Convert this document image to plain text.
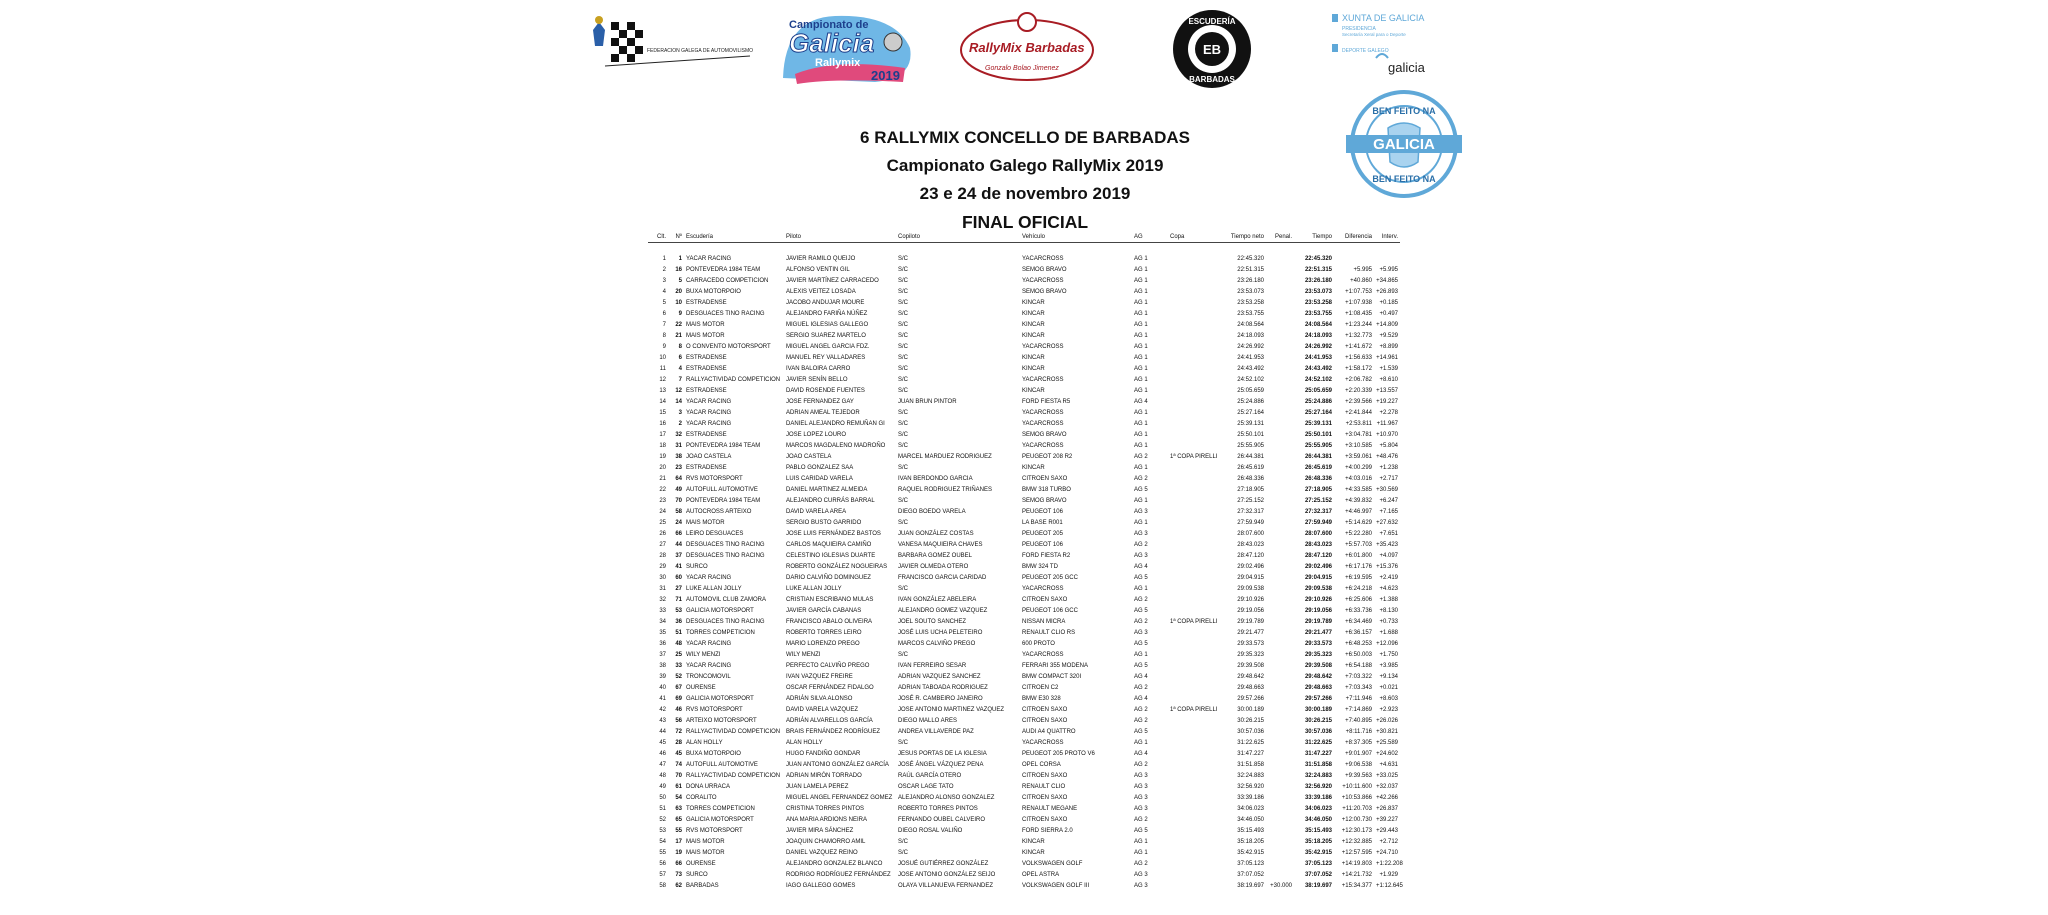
FEDERACION GALEGA DE AUTOMOVILISMO
Campionato de
Galicia
Rallymix
2019
RallyMix Barbadas
Gonzalo Bolao Jimenez
ESCUDERÍA
EB
BARBADAS
XUNTA DE GALICIA
PRESIDENCIA
Secretaría Xeral para o Deporte
DEPORTE GALEGO
galicia
GALICIA
BEN FEITO NA
BEN FEITO NA
6 RALLYMIX CONCELLO DE BARBADAS
Campionato Galego RallyMix 2019
23 e 24 de novembro 2019
FINAL OFICIAL
Clt.	Nº	Escudería	Piloto	Copiloto	Vehículo	AG	Copa	Tiempo neto	Penal.	Tiempo	Diferencia	Interv.

1	1	YACAR RACING	JAVIER RAMILO QUEIJO	S/C	YACARCROSS	AG 1		22:45.320		22:45.320		
2	16	PONTEVEDRA 1984 TEAM	ALFONSO VENTIN GIL	S/C	SEMOG BRAVO	AG 1		22:51.315		22:51.315	+5.995	+5.995
3	5	CARRACEDO COMPETICION	JAVIER MARTÍNEZ CARRACEDO	S/C	YACARCROSS	AG 1		23:26.180		23:26.180	+40.860	+34.865
4	20	BUXA MOTORPOIO	ALEXIS VEITEZ LOSADA	S/C	SEMOG BRAVO	AG 1		23:53.073		23:53.073	+1:07.753	+26.893
5	10	ESTRADENSE	JACOBO ANDUJAR MOURE	S/C	KINCAR	AG 1		23:53.258		23:53.258	+1:07.938	+0.185
6	9	DESGUACES TINO RACING	ALEJANDRO FARIÑA NÚÑEZ	S/C	KINCAR	AG 1		23:53.755		23:53.755	+1:08.435	+0.497
7	22	MAIS MOTOR	MIGUEL IGLESIAS GALLEGO	S/C	KINCAR	AG 1		24:08.564		24:08.564	+1:23.244	+14.809
8	21	MAIS MOTOR	SERGIO SUAREZ MARTELO	S/C	KINCAR	AG 1		24:18.093		24:18.093	+1:32.773	+9.529
9	8	O CONVENTO MOTORSPORT	MIGUEL ANGEL GARCIA FDZ.	S/C	YACARCROSS	AG 1		24:26.992		24:26.992	+1:41.672	+8.899
10	6	ESTRADENSE	MANUEL REY VALLADARES	S/C	KINCAR	AG 1		24:41.953		24:41.953	+1:56.633	+14.961
11	4	ESTRADENSE	IVAN BALOIRA CARRO	S/C	KINCAR	AG 1		24:43.492		24:43.492	+1:58.172	+1.539
12	7	RALLYACTIVIDAD COMPETICION	JAVIER SENÍN BELLO	S/C	YACARCROSS	AG 1		24:52.102		24:52.102	+2:06.782	+8.610
13	12	ESTRADENSE	DAVID ROSENDE FUENTES	S/C	KINCAR	AG 1		25:05.659		25:05.659	+2:20.339	+13.557
14	14	YACAR RACING	JOSE FERNANDEZ GAY	JUAN BRUN PINTOR	FORD FIESTA R5	AG 4		25:24.886		25:24.886	+2:39.566	+19.227
15	3	YACAR RACING	ADRIAN AMEAL TEJEDOR	S/C	YACARCROSS	AG 1		25:27.164		25:27.164	+2:41.844	+2.278
16	2	YACAR RACING	DANIEL ALEJANDRO REMUÑAN GI	S/C	YACARCROSS	AG 1		25:39.131		25:39.131	+2:53.811	+11.967
17	32	ESTRADENSE	JOSE LOPEZ LOURO	S/C	SEMOG BRAVO	AG 1		25:50.101		25:50.101	+3:04.781	+10.970
18	31	PONTEVEDRA 1984 TEAM	MARCOS MAGDALENO MADROÑO	S/C	YACARCROSS	AG 1		25:55.905		25:55.905	+3:10.585	+5.804
19	38	JOAO CASTELA	JOAO CASTELA	MARCEL MARDUEZ RODRIGUEZ	PEUGEOT 208 R2	AG 2	1ª COPA PIRELLI	26:44.381		26:44.381	+3:59.061	+48.476
20	23	ESTRADENSE	PABLO GONZALEZ SAA	S/C	KINCAR	AG 1		26:45.619		26:45.619	+4:00.299	+1.238
21	64	RVS MOTORSPORT	LUIS CARIDAD VARELA	IVAN BERDONDO GARCIA	CITROEN SAXO	AG 2		26:48.336		26:48.336	+4:03.016	+2.717
22	49	AUTOFULL AUTOMOTIVE	DANIEL MARTINEZ ALMEIDA	RAQUEL RODRIGUEZ TRIÑANES	BMW 318 TURBO	AG 5		27:18.905		27:18.905	+4:33.585	+30.569
23	70	PONTEVEDRA 1984 TEAM	ALEJANDRO CURRÁS BARRAL	S/C	SEMOG BRAVO	AG 1		27:25.152		27:25.152	+4:39.832	+6.247
24	58	AUTOCROSS ARTEIXO	DAVID VARELA AREA	DIEGO BOEDO VARELA	PEUGEOT 106	AG 3		27:32.317		27:32.317	+4:46.997	+7.165
25	24	MAIS MOTOR	SERGIO BUSTO GARRIDO	S/C	LA BASE R001	AG 1		27:59.949		27:59.949	+5:14.629	+27.632
26	66	LEIRO DESGUACES	JOSE LUIS FERNÁNDEZ BASTOS	JUAN GONZÁLEZ COSTAS	PEUGEOT 205	AG 3		28:07.600		28:07.600	+5:22.280	+7.651
27	44	DESGUACES TINO RACING	CARLOS MAQUIEIRA CAMIÑO	VANESA MAQUIEIRA CHAVES	PEUGEOT 106	AG 2		28:43.023		28:43.023	+5:57.703	+35.423
28	37	DESGUACES TINO RACING	CELESTINO IGLESIAS DUARTE	BARBARA GOMEZ OUBEL	FORD FIESTA R2	AG 3		28:47.120		28:47.120	+6:01.800	+4.097
29	41	SURCO	ROBERTO GONZÁLEZ NOGUEIRAS	JAVIER OLMEDA OTERO	BMW 324 TD	AG 4		29:02.496		29:02.496	+6:17.176	+15.376
30	60	YACAR RACING	DARIO CALVIÑO DOMINGUEZ	FRANCISCO GARCIA CARIDAD	PEUGEOT 205 GCC	AG 5		29:04.915		29:04.915	+6:19.595	+2.419
31	27	LUKE ALLAN JOLLY	LUKE ALLAN JOLLY	S/C	YACARCROSS	AG 1		29:09.538		29:09.538	+6:24.218	+4.623
32	71	AUTOMOVIL CLUB ZAMORA	CRISTIAN ESCRIBANO MULAS	IVAN GONZÁLEZ ABELEIRA	CITROEN SAXO	AG 2		29:10.926		29:10.926	+6:25.606	+1.388
33	53	GALICIA MOTORSPORT	JAVIER GARCÍA CABANAS	ALEJANDRO GOMEZ VAZQUEZ	PEUGEOT 106 GCC	AG 5		29:19.056		29:19.056	+6:33.736	+8.130
34	36	DESGUACES TINO RACING	FRANCISCO ABALO OLIVEIRA	JOEL SOUTO SANCHEZ	NISSAN MICRA	AG 2	1ª COPA PIRELLI	29:19.789		29:19.789	+6:34.469	+0.733
35	51	TORRES COMPETICION	ROBERTO TORRES LEIRO	JOSÉ LUIS UCHA PELETEIRO	RENAULT CLIO RS	AG 3		29:21.477		29:21.477	+6:36.157	+1.688
36	48	YACAR RACING	MARIO LORENZO PREGO	MARCOS CALVIÑO PREGO	600 PROTO	AG 5		29:33.573		29:33.573	+6:48.253	+12.096
37	25	WILY MENZI	WILY MENZI	S/C	YACARCROSS	AG 1		29:35.323		29:35.323	+6:50.003	+1.750
38	33	YACAR RACING	PERFECTO CALVIÑO PREGO	IVAN FERREIRO SESAR	FERRARI 355 MODENA	AG 5		29:39.508		29:39.508	+6:54.188	+3.985
39	52	TRONCOMOVIL	IVAN VAZQUEZ FREIRE	ADRIAN VAZQUEZ SANCHEZ	BMW COMPACT 320I	AG 4		29:48.642		29:48.642	+7:03.322	+9.134
40	67	OURENSE	OSCAR FERNÁNDEZ FIDALGO	ADRIAN TABOADA RODRIGUEZ	CITROEN C2	AG 2		29:48.663		29:48.663	+7:03.343	+0.021
41	69	GALICIA MOTORSPORT	ADRIÁN SILVA ALONSO	JOSÉ R. CAMBEIRO JANEIRO	BMW E30 328	AG 4		29:57.266		29:57.266	+7:11.946	+8.603
42	46	RVS MOTORSPORT	DAVID VARELA VAZQUEZ	JOSE ANTONIO MARTINEZ VAZQUEZ	CITROEN SAXO	AG 2	1ª COPA PIRELLI	30:00.189		30:00.189	+7:14.869	+2.923
43	56	ARTEIXO MOTORSPORT	ADRIÁN ALVARELLOS GARCÍA	DIEGO MALLO ARES	CITROEN SAXO	AG 2		30:26.215		30:26.215	+7:40.895	+26.026
44	72	RALLYACTIVIDAD COMPETICION	BRAIS FERNÁNDEZ RODRÍGUEZ	ANDREA VILLAVERDE PAZ	AUDI A4 QUATTRO	AG 5		30:57.036		30:57.036	+8:11.716	+30.821
45	28	ALAN HOLLY	ALAN HOLLY	S/C	YACARCROSS	AG 1		31:22.625		31:22.625	+8:37.305	+25.589
46	45	BUXA MOTORPOIO	HUGO FANDIÑO GONDAR	JESUS PORTAS DE LA IGLESIA	PEUGEOT 205 PROTO V6	AG 4		31:47.227		31:47.227	+9:01.907	+24.602
47	74	AUTOFULL AUTOMOTIVE	JUAN ANTONIO GONZÁLEZ GARCÍA	JOSÉ ÁNGEL VÁZQUEZ PENA	OPEL CORSA	AG 2		31:51.858		31:51.858	+9:06.538	+4.631
48	70	RALLYACTIVIDAD COMPETICION	ADRIAN MIRÓN TORRADO	RAÚL GARCÍA OTERO	CITROEN SAXO	AG 3		32:24.883		32:24.883	+9:39.563	+33.025
49	61	DONA URRACA	JUAN LAMELA PEREZ	OSCAR LAGE TATO	RENAULT CLIO	AG 3		32:56.920		32:56.920	+10:11.600	+32.037
50	54	CORALITO	MIGUEL ANGEL FERNANDEZ GOMEZ	ALEJANDRO ALONSO GONZALEZ	CITROEN SAXO	AG 3		33:39.186		33:39.186	+10:53.866	+42.266
51	63	TORRES COMPETICION	CRISTINA TORRES PINTOS	ROBERTO TORRES PINTOS	RENAULT MEGANE	AG 3		34:06.023		34:06.023	+11:20.703	+26.837
52	65	GALICIA MOTORSPORT	ANA MARIA ARDIONS NEIRA	FERNANDO OUBEL CALVEIRO	CITROEN SAXO	AG 2		34:46.050		34:46.050	+12:00.730	+39.227
53	55	RVS MOTORSPORT	JAVIER MIRA SÁNCHEZ	DIEGO ROSAL VALIÑO	FORD SIERRA 2.0	AG 5		35:15.493		35:15.493	+12:30.173	+29.443
54	17	MAIS MOTOR	JOAQUIN CHAMORRO AMIL	S/C	KINCAR	AG 1		35:18.205		35:18.205	+12:32.885	+2.712
55	19	MAIS MOTOR	DANIEL VAZQUEZ REINO	S/C	KINCAR	AG 1		35:42.915		35:42.915	+12:57.595	+24.710
56	66	OURENSE	ALEJANDRO GONZALEZ BLANCO	JOSUÉ GUTIÉRREZ GONZÁLEZ	VOLKSWAGEN GOLF	AG 2		37:05.123		37:05.123	+14:19.803	+1:22.208
57	73	SURCO	RODRIGO RODRÍGUEZ FERNÁNDEZ	JOSE ANTONIO GONZÁLEZ SEIJO	OPEL ASTRA	AG 3		37:07.052		37:07.052	+14:21.732	+1.929
58	62	BARBADAS	IAGO GALLEGO GOMES	OLAYA VILLANUEVA FERNANDEZ	VOLKSWAGEN GOLF III	AG 3		38:19.697	+30.000	38:19.697	+15:34.377	+1:12.645
